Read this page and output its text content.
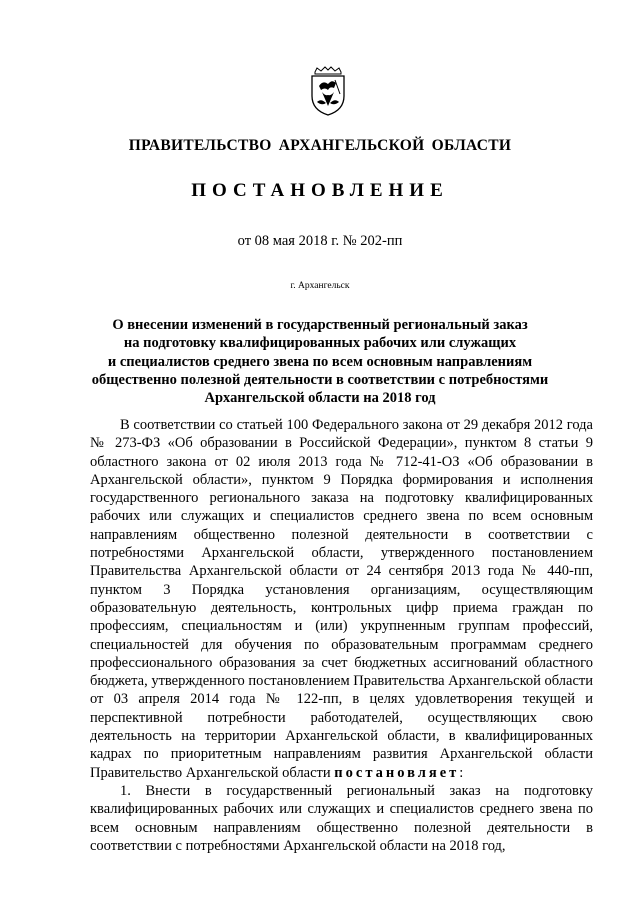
ПРАВИТЕЛЬСТВО АРХАНГЕЛЬСКОЙ ОБЛАСТИ
ПОСТАНОВЛЕНИЕ
от 08 мая 2018 г. № 202-пп
г. Архангельск
О внесении изменений в государственный региональный заказ
на подготовку квалифицированных рабочих или служащих
и специалистов среднего звена по всем основным направлениям
общественно полезной деятельности в соответствии с потребностями
Архангельской области на 2018 год

В соответствии со статьей 100 Федерального закона от 29 декабря 2012 года № 273-ФЗ «Об образовании в Российской Федерации», пунктом 8 статьи 9 областного закона от 02 июля 2013 года № 712-41-ОЗ «Об образовании в Архангельской области», пунктом 9 Порядка формирования и исполнения государственного регионального заказа на подготовку квалифицированных рабочих или служащих и специалистов среднего звена по всем основным направлениям общественно полезной деятельности в соответствии с потребностями Архангельской области, утвержденного постановлением Правительства Архангельской области от 24 сентября 2013 года № 440-пп, пунктом 3 Порядка установления организациям, осуществляющим образовательную деятельность, контрольных цифр приема граждан по профессиям, специальностям и (или) укрупненным группам профессий, специальностей для обучения по образовательным программам среднего профессионального образования за счет бюджетных ассигнований областного бюджета, утвержденного постановлением Правительства Архангельской области от 03 апреля 2014 года № 122-пп, в целях удовлетворения текущей и перспективной потребности работодателей, осуществляющих свою деятельность на территории Архангельской области, в квалифицированных кадрах по приоритетным направлениям развития Архангельской области Правительство Архангельской области постановляет:

1. Внести в государственный региональный заказ на подготовку квалифицированных рабочих или служащих и специалистов среднего звена по всем основным направлениям общественно полезной деятельности в соответствии с потребностями Архангельской области на 2018 год,
